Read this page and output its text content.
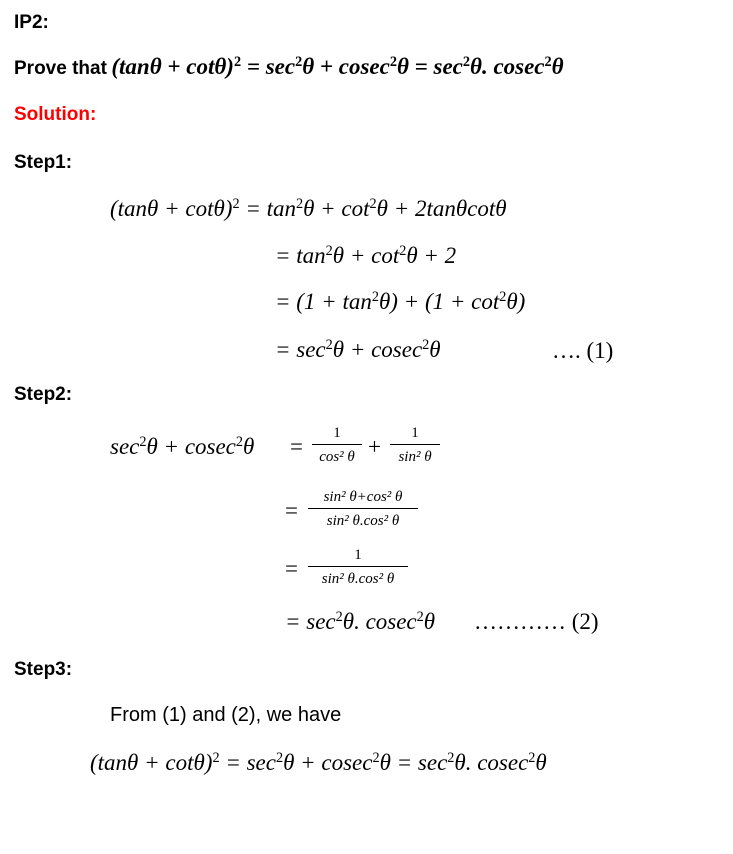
IP2:
Prove that $(\tan\theta + \cot\theta)^2 = \sec^2\theta + cosec^2\theta = \sec^2\theta$. cosec$^2$θ
Solution:
Step1:
$(\tan\theta + \cot\theta)^2 = \tan^2\theta + \cot^2\theta + 2\tan\theta\cot\theta$
= $\tan^2\theta + \cot^2\theta + 2$
= $(1 + \tan^2\theta) + (1 + \cot^2\theta)$
= $\sec^2\theta + cosec^2\theta$	…. (1)
Step2:
$\sec^2\theta + cosec^2\theta$ =
1
cos² θ +
1
sin² θ
=
sin² θ+cos² θ
sin² θ.cos² θ
=
1
sin² θ.cos² θ
= $\sec^2\theta$. cosec$^2$θ ………… (2)
Step3:
From (1) and (2), we have
$(\tan\theta + \cot\theta)^2 = \sec^2\theta + cosec^2\theta = \sec^2\theta$. cosec$^2$θ
